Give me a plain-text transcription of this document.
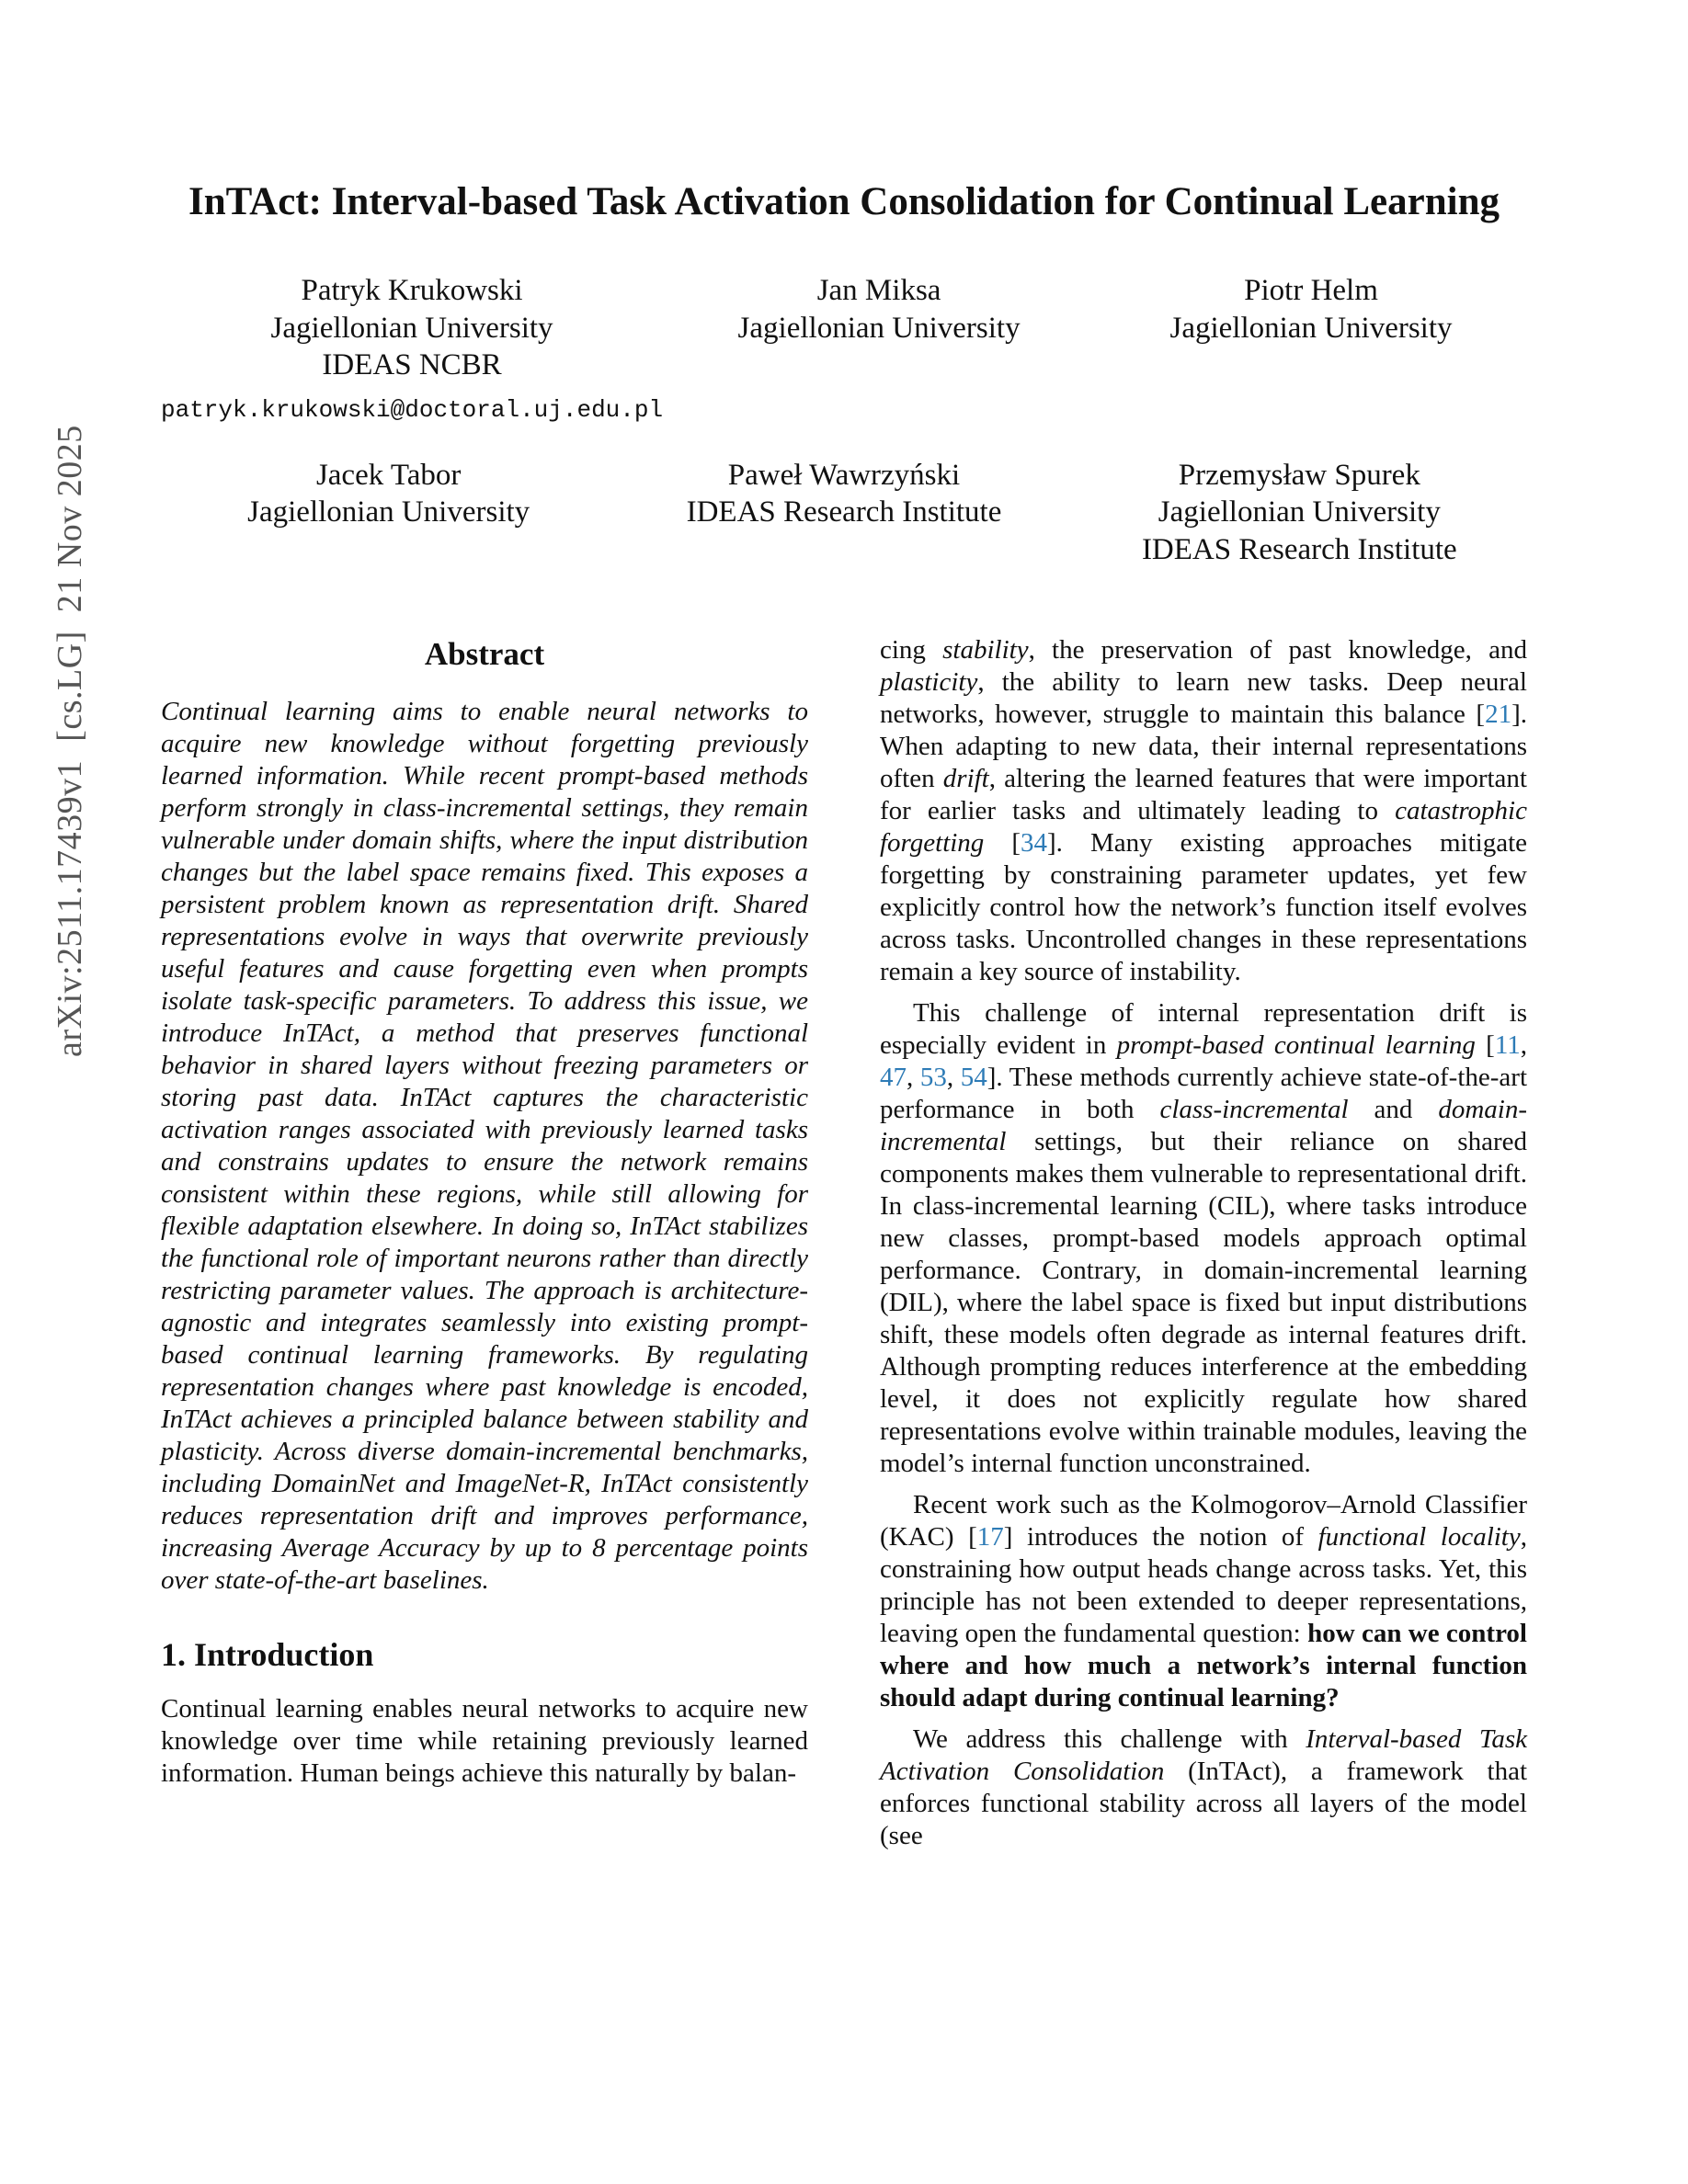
arXiv:2511.17439v1  [cs.LG]  21 Nov 2025
InTAct: Interval-based Task Activation Consolidation for Continual Learning
Patryk Krukowski
Jagiellonian University
IDEAS NCBR
patryk.krukowski@doctoral.uj.edu.pl
Jan Miksa
Jagiellonian University
Piotr Helm
Jagiellonian University
Jacek Tabor
Jagiellonian University
Paweł Wawrzyński
IDEAS Research Institute
Przemysław Spurek
Jagiellonian University
IDEAS Research Institute
Abstract

Continual learning aims to enable neural networks to acquire new knowledge without forgetting previously learned information. While recent prompt-based methods perform strongly in class-incremental settings, they remain vulnerable under domain shifts, where the input distribution changes but the label space remains fixed. This exposes a persistent problem known as representation drift. Shared representations evolve in ways that overwrite previously useful features and cause forgetting even when prompts isolate task-specific parameters. To address this issue, we introduce InTAct, a method that preserves functional behavior in shared layers without freezing parameters or storing past data. InTAct captures the characteristic activation ranges associated with previously learned tasks and constrains updates to ensure the network remains consistent within these regions, while still allowing for flexible adaptation elsewhere. In doing so, InTAct stabilizes the functional role of important neurons rather than directly restricting parameter values. The approach is architecture-agnostic and integrates seamlessly into existing prompt-based continual learning frameworks. By regulating representation changes where past knowledge is encoded, InTAct achieves a principled balance between stability and plasticity. Across diverse domain-incremental benchmarks, including DomainNet and ImageNet-R, InTAct consistently reduces representation drift and improves performance, increasing Average Accuracy by up to 8 percentage points over state-of-the-art baselines.

1. Introduction

Continual learning enables neural networks to acquire new knowledge over time while retaining previously learned information. Human beings achieve this naturally by balan-

cing stability, the preservation of past knowledge, and plasticity, the ability to learn new tasks. Deep neural networks, however, struggle to maintain this balance [21]. When adapting to new data, their internal representations often drift, altering the learned features that were important for earlier tasks and ultimately leading to catastrophic forgetting [34]. Many existing approaches mitigate forgetting by constraining parameter updates, yet few explicitly control how the network’s function itself evolves across tasks. Uncontrolled changes in these representations remain a key source of instability.

This challenge of internal representation drift is especially evident in prompt-based continual learning [11, 47, 53, 54]. These methods currently achieve state-of-the-art performance in both class-incremental and domain-incremental settings, but their reliance on shared components makes them vulnerable to representational drift. In class-incremental learning (CIL), where tasks introduce new classes, prompt-based models approach optimal performance. Contrary, in domain-incremental learning (DIL), where the label space is fixed but input distributions shift, these models often degrade as internal features drift. Although prompting reduces interference at the embedding level, it does not explicitly regulate how shared representations evolve within trainable modules, leaving the model’s internal function unconstrained.

Recent work such as the Kolmogorov–Arnold Classifier (KAC) [17] introduces the notion of functional locality, constraining how output heads change across tasks. Yet, this principle has not been extended to deeper representations, leaving open the fundamental question: how can we control where and how much a network’s internal function should adapt during continual learning?

We address this challenge with Interval-based Task Activation Consolidation (InTAct), a framework that enforces functional stability across all layers of the model (see
